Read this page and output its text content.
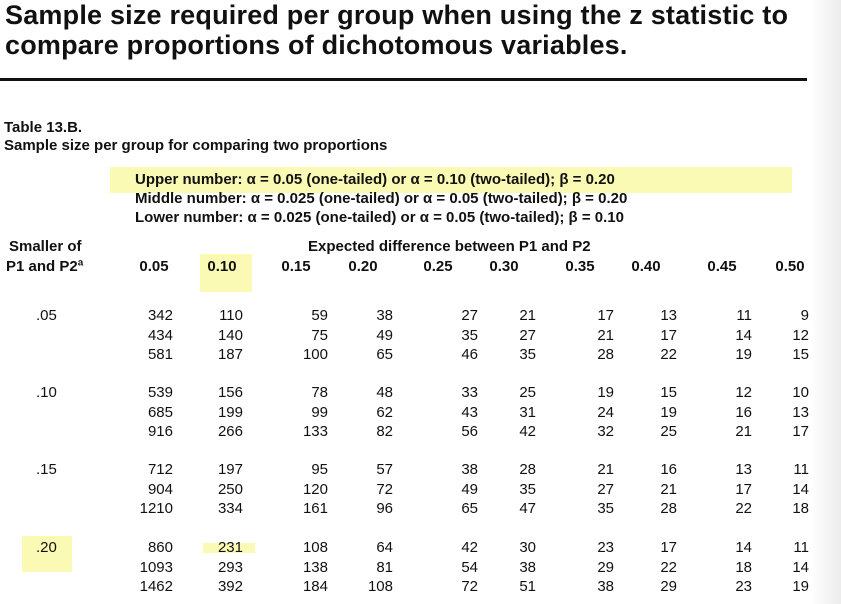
Sample size required per group when using the z statistic to
compare proportions of dichotomous variables.
Table 13.B.
Sample size per group for comparing two proportions
Upper number: α = 0.05 (one-tailed) or α = 0.10 (two-tailed); β = 0.20
Middle number: α = 0.025 (one-tailed) or α = 0.05 (two-tailed); β = 0.20
Lower number: α = 0.025 (one-tailed) or α = 0.05 (two-tailed); β = 0.10
Smaller of
P1 and P2ª
Expected difference between P1 and P2
0.05	0.10	0.15	0.20	0.25	0.30	0.35	0.40	0.45	0.50
.05	342	110	59	38	27	21	17	13	11	9
434	140	75	49	35	27	21	17	14	12
581	187	100	65	46	35	28	22	19	15
.10	539	156	78	48	33	25	19	15	12	10
685	199	99	62	43	31	24	19	16	13
916	266	133	82	56	42	32	25	21	17
.15	712	197	95	57	38	28	21	16	13	11
904	250	120	72	49	35	27	21	17	14
1210	334	161	96	65	47	35	28	22	18
.20	860	231	108	64	42	30	23	17	14	11
1093	293	138	81	54	38	29	22	18	14
1462	392	184	108	72	51	38	29	23	19
